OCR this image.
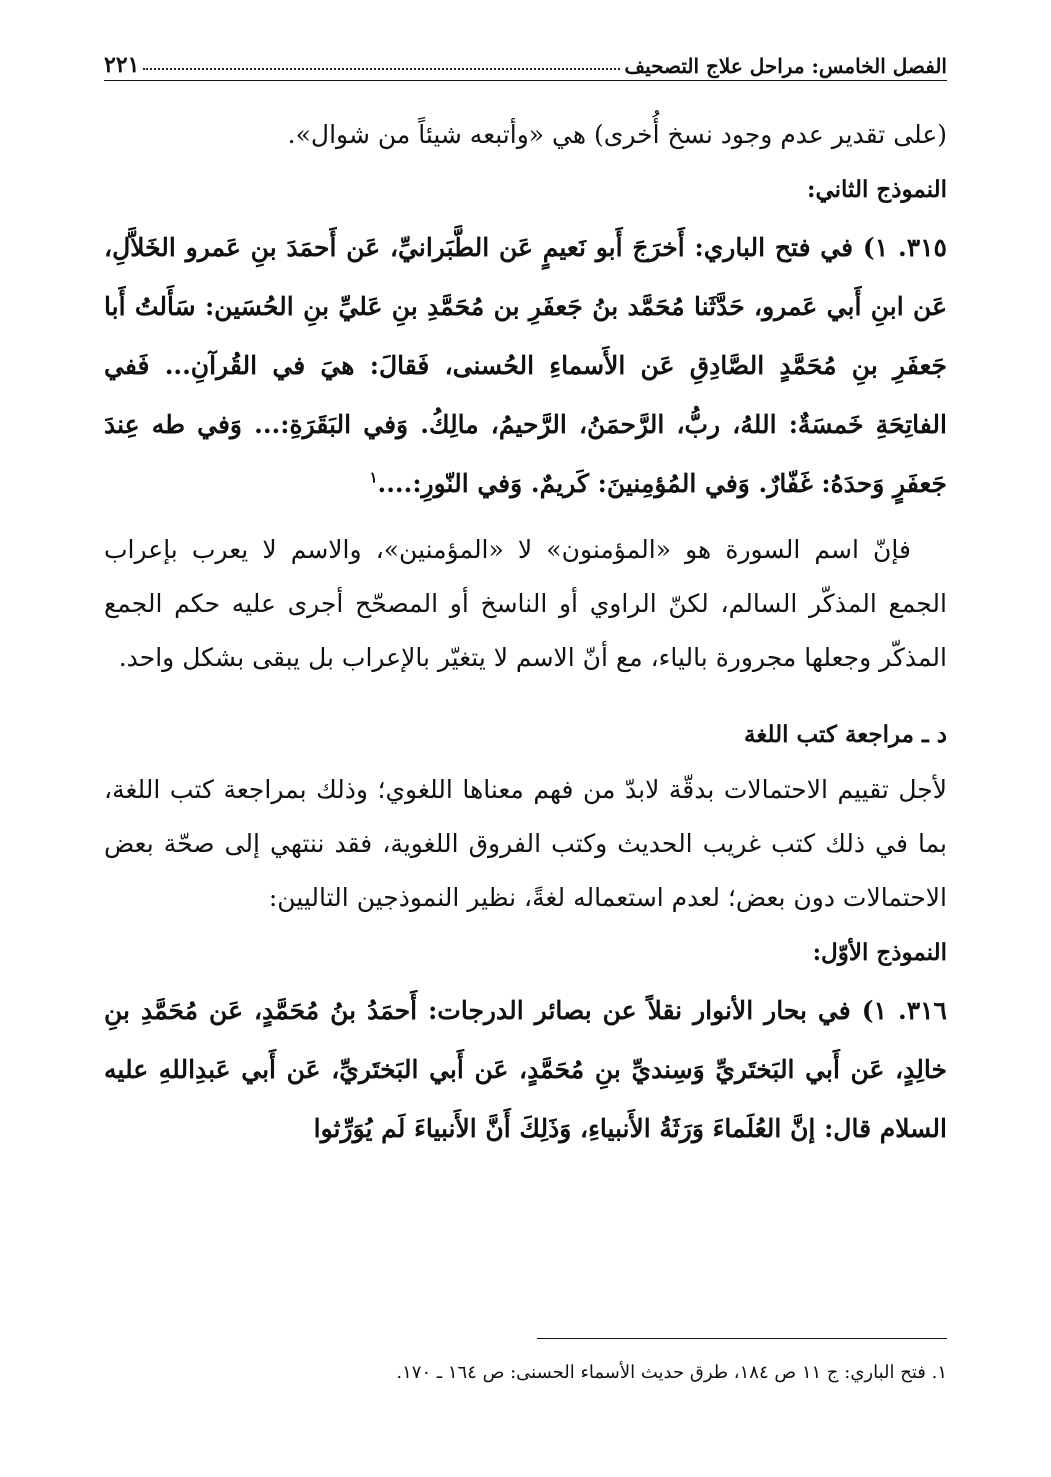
الفصل الخامس: مراحل علاج التصحيف
٢٢١

(على تقدير عدم وجود نسخ أُخرى) هي «وأتبعه شيئاً من شوال».

النموذج الثاني:

٣١٥. ١) في فتح الباري: أَخرَجَ أَبو نَعيمٍ عَن الطَّبَرانيِّ، عَن أَحمَدَ بنِ عَمرو الخَلاَّلِ، عَن ابنِ أَبي عَمرو، حَدَّثَنا مُحَمَّد بنُ جَعفَرِ بن مُحَمَّدِ بنِ عَليِّ بنِ الحُسَين: سَأَلتُ أَبا جَعفَرِ بنِ مُحَمَّدٍ الصَّادِقِ عَن الأَسماءِ الحُسنى، فَقالَ: هيَ في القُرآنِ... فَفي الفاتِحَةِ خَمسَةٌ: اللهُ، ربُّ، الرَّحمَنُ، الرَّحيمُ، مالِكُ. وَفي البَقَرَةِ:... وَفي طه عِندَ جَعفَرٍ وَحدَهُ: غَفّارٌ. وَفي المُؤمِنينَ: كَريمٌ. وَفي النّورِ:....$^١$

فإنّ اسم السورة هو «المؤمنون» لا «المؤمنين»، والاسم لا يعرب بإعراب الجمع المذكّر السالم، لكنّ الراوي أو الناسخ أو المصحّح أجرى عليه حكم الجمع المذكّر وجعلها مجرورة بالياء، مع أنّ الاسم لا يتغيّر بالإعراب بل يبقى بشكل واحد.

د ـ مراجعة كتب اللغة

لأجل تقييم الاحتمالات بدقّة لابدّ من فهم معناها اللغوي؛ وذلك بمراجعة كتب اللغة، بما في ذلك كتب غريب الحديث وكتب الفروق اللغوية، فقد ننتهي إلى صحّة بعض الاحتمالات دون بعض؛ لعدم استعماله لغةً، نظير النموذجين التاليين:

النموذج الأوّل:

٣١٦. ١) في بحار الأنوار نقلاً عن بصائر الدرجات: أَحمَدُ بنُ مُحَمَّدٍ، عَن مُحَمَّدِ بنِ خالِدٍ، عَن أَبي البَختَريِّ وَسِنديِّ بنِ مُحَمَّدٍ، عَن أَبي البَختَريِّ، عَن أَبي عَبدِاللهِ عليه السلام قال: إنَّ العُلَماءَ وَرَثَةُ الأَنبياءِ، وَذَلِكَ أَنَّ الأَنبياءَ لَم يُوَرِّثوا

١. فتح الباري: ج ١١ ص ١٨٤، طرق حديث الأسماء الحسنى: ص ١٦٤ ـ ١٧٠.
